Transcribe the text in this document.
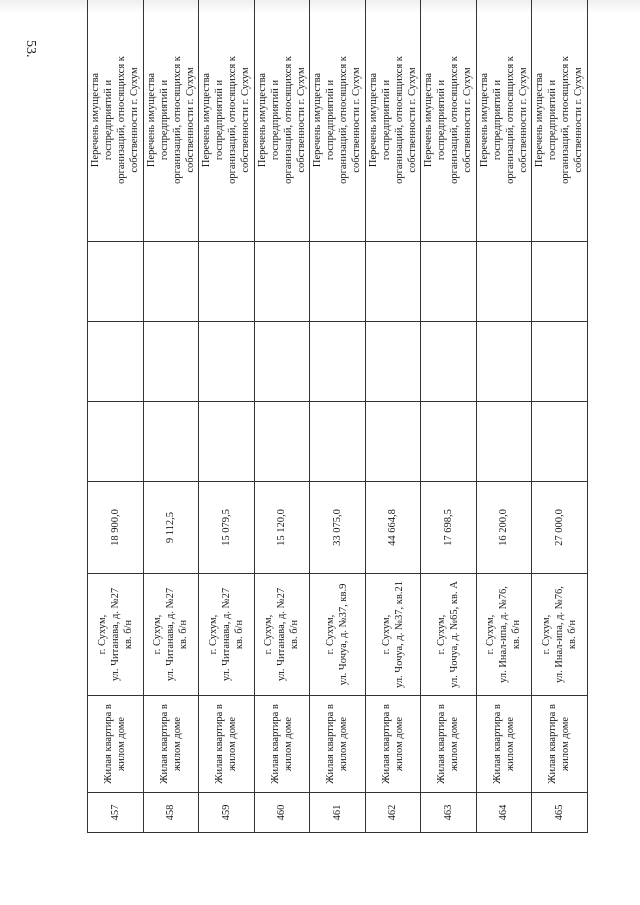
53.
457	Жилая квартира в жилом доме	г. Сухум, ул. Читанава, д. №27 кв. б/н	18 900,0				Перечень имущества госпредприятий и организаций, относящихся к собственности г. Сухум

458	Жилая квартира в жилом доме	г. Сухум, ул. Читанава, д. №27 кв. б/н	9 112,5				Перечень имущества госпредприятий и организаций, относящихся к собственности г. Сухум

459	Жилая квартира в жилом доме	г. Сухум, ул. Читанава, д. №27 кв. б/н	15 079,5				Перечень имущества госпредприятий и организаций, относящихся к собственности г. Сухум

460	Жилая квартира в жилом доме	г. Сухум, ул. Читанава, д. №27 кв. б/н	15 120,0				Перечень имущества госпредприятий и организаций, относящихся к собственности г. Сухум

461	Жилая квартира в жилом доме	г. Сухум, ул. Чочуа, д. №37, кв.9	33 075,0				Перечень имущества госпредприятий и организаций, относящихся к собственности г. Сухум

462	Жилая квартира в жилом доме	г. Сухум, ул. Чочуа, д. №37, кв.21	44 664,8				Перечень имущества госпредприятий и организаций, относящихся к собственности г. Сухум

463	Жилая квартира в жилом доме	г. Сухум, ул. Чочуа, д. №65, кв. А	17 698,5				Перечень имущества госпредприятий и организаций, относящихся к собственности г. Сухум

464	Жилая квартира в жилом доме	г. Сухум, ул. Инал-ипа, д. №76, кв. б/н	16 200,0				Перечень имущества госпредприятий и организаций, относящихся к собственности г. Сухум

465	Жилая квартира в жилом доме	г. Сухум, ул. Инал-ипа, д. №76, кв. б/н	27 000,0				Перечень имущества госпредприятий и организаций, относящихся к собственности г. Сухум
